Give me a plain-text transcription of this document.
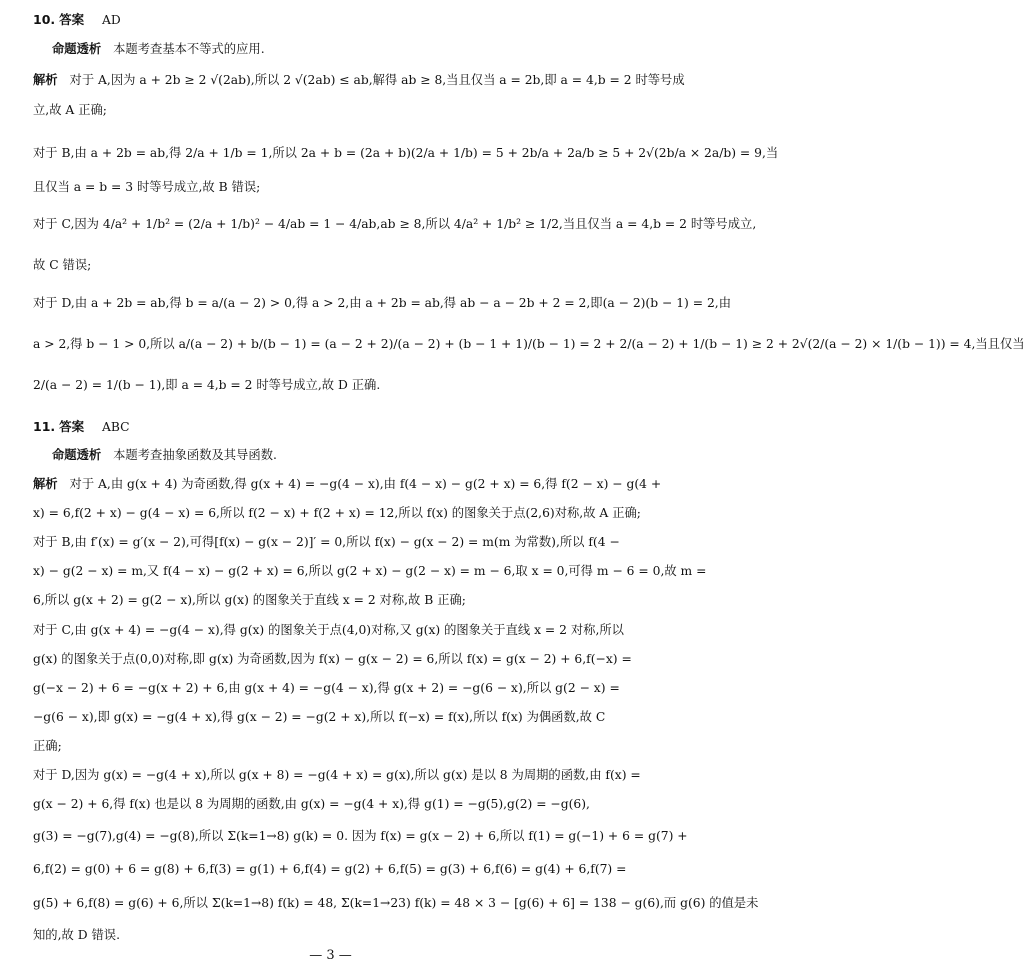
10. 答案 AD
命题透析 本题考查基本不等式的应用.
解析 对于 A,因为 a + 2b ≥ 2 √(2ab),所以 2 √(2ab) ≤ ab,解得 ab ≥ 8,当且仅当 a = 2b,即 a = 4,b = 2 时等号成
立,故 A 正确;
对于 B,由 a + 2b = ab,得 2/a + 1/b = 1,所以 2a + b = (2a + b)(2/a + 1/b) = 5 + 2b/a + 2a/b ≥ 5 + 2√(2b/a × 2a/b) = 9,当
且仅当 a = b = 3 时等号成立,故 B 错误;
对于 C,因为 4/a² + 1/b² = (2/a + 1/b)² − 4/ab = 1 − 4/ab,ab ≥ 8,所以 4/a² + 1/b² ≥ 1/2,当且仅当 a = 4,b = 2 时等号成立,
故 C 错误;
对于 D,由 a + 2b = ab,得 b = a/(a − 2) > 0,得 a > 2,由 a + 2b = ab,得 ab − a − 2b + 2 = 2,即(a − 2)(b − 1) = 2,由
a > 2,得 b − 1 > 0,所以 a/(a − 2) + b/(b − 1) = (a − 2 + 2)/(a − 2) + (b − 1 + 1)/(b − 1) = 2 + 2/(a − 2) + 1/(b − 1) ≥ 2 + 2√(2/(a − 2) × 1/(b − 1)) = 4,当且仅当
2/(a − 2) = 1/(b − 1),即 a = 4,b = 2 时等号成立,故 D 正确.
11. 答案 ABC
命题透析 本题考查抽象函数及其导函数.
解析 对于 A,由 g(x + 4) 为奇函数,得 g(x + 4) = −g(4 − x),由 f(4 − x) − g(2 + x) = 6,得 f(2 − x) − g(4 +
x) = 6,f(2 + x) − g(4 − x) = 6,所以 f(2 − x) + f(2 + x) = 12,所以 f(x) 的图象关于点(2,6)对称,故 A 正确;
对于 B,由 f′(x) = g′(x − 2),可得[f(x) − g(x − 2)]′ = 0,所以 f(x) − g(x − 2) = m(m 为常数),所以 f(4 −
x) − g(2 − x) = m,又 f(4 − x) − g(2 + x) = 6,所以 g(2 + x) − g(2 − x) = m − 6,取 x = 0,可得 m − 6 = 0,故 m =
6,所以 g(x + 2) = g(2 − x),所以 g(x) 的图象关于直线 x = 2 对称,故 B 正确;
对于 C,由 g(x + 4) = −g(4 − x),得 g(x) 的图象关于点(4,0)对称,又 g(x) 的图象关于直线 x = 2 对称,所以
g(x) 的图象关于点(0,0)对称,即 g(x) 为奇函数,因为 f(x) − g(x − 2) = 6,所以 f(x) = g(x − 2) + 6,f(−x) =
g(−x − 2) + 6 = −g(x + 2) + 6,由 g(x + 4) = −g(4 − x),得 g(x + 2) = −g(6 − x),所以 g(2 − x) =
−g(6 − x),即 g(x) = −g(4 + x),得 g(x − 2) = −g(2 + x),所以 f(−x) = f(x),所以 f(x) 为偶函数,故 C
正确;
对于 D,因为 g(x) = −g(4 + x),所以 g(x + 8) = −g(4 + x) = g(x),所以 g(x) 是以 8 为周期的函数,由 f(x) =
g(x − 2) + 6,得 f(x) 也是以 8 为周期的函数,由 g(x) = −g(4 + x),得 g(1) = −g(5),g(2) = −g(6),
g(3) = −g(7),g(4) = −g(8),所以 Σ(k=1→8) g(k) = 0. 因为 f(x) = g(x − 2) + 6,所以 f(1) = g(−1) + 6 = g(7) +
6,f(2) = g(0) + 6 = g(8) + 6,f(3) = g(1) + 6,f(4) = g(2) + 6,f(5) = g(3) + 6,f(6) = g(4) + 6,f(7) =
g(5) + 6,f(8) = g(6) + 6,所以 Σ(k=1→8) f(k) = 48, Σ(k=1→23) f(k) = 48 × 3 − [g(6) + 6] = 138 − g(6),而 g(6) 的值是未
知的,故 D 错误.
— 3 —
